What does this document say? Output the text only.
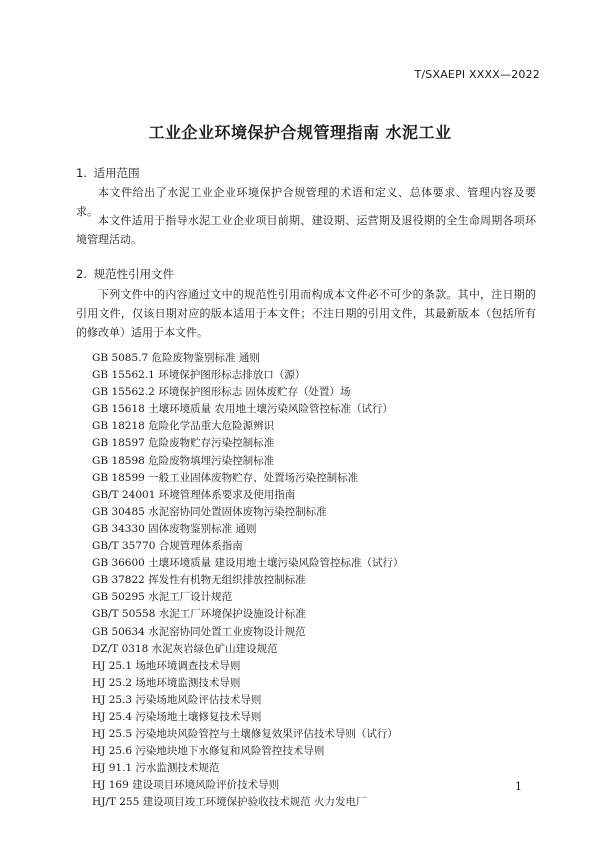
T/SXAEPI XXXX—2022
工业企业环境保护合规管理指南 水泥工业
1. 适用范围

本文件给出了水泥工业企业环境保护合规管理的术语和定义、总体要求、管理内容及要求。

本文件适用于指导水泥工业企业项目前期、建设期、运营期及退役期的全生命周期各项环境管理活动。

2. 规范性引用文件

下列文件中的内容通过文中的规范性引用而构成本文件必不可少的条款。其中，注日期的引用文件，仅该日期对应的版本适用于本文件；不注日期的引用文件，其最新版本（包括所有的修改单）适用于本文件。

GB 5085.7 危险废物鉴别标准 通则
GB 15562.1 环境保护图形标志排放口（源）
GB 15562.2 环境保护图形标志 固体废贮存（处置）场
GB 15618 土壤环境质量 农用地土壤污染风险管控标准（试行）
GB 18218 危险化学品重大危险源辨识
GB 18597 危险废物贮存污染控制标准
GB 18598 危险废物填埋污染控制标准
GB 18599 一般工业固体废物贮存、处置场污染控制标准
GB/T 24001 环境管理体系要求及使用指南
GB 30485 水泥窑协同处置固体废物污染控制标准
GB 34330 固体废物鉴别标准 通则
GB/T 35770 合规管理体系指南
GB 36600 土壤环境质量 建设用地土壤污染风险管控标准（试行）
GB 37822 挥发性有机物无组织排放控制标准
GB 50295 水泥工厂设计规范
GB/T 50558 水泥工厂环境保护设施设计标准
GB 50634 水泥窑协同处置工业废物设计规范
DZ/T 0318 水泥灰岩绿色矿山建设规范
HJ 25.1 场地环境调查技术导则
HJ 25.2 场地环境监测技术导则
HJ 25.3 污染场地风险评估技术导则
HJ 25.4 污染场地土壤修复技术导则
HJ 25.5 污染地块风险管控与土壤修复效果评估技术导则（试行）
HJ 25.6 污染地块地下水修复和风险管控技术导则
HJ 91.1 污水监测技术规范
HJ 169 建设项目环境风险评价技术导则
HJ/T 255 建设项目竣工环境保护验收技术规范 火力发电厂
1
